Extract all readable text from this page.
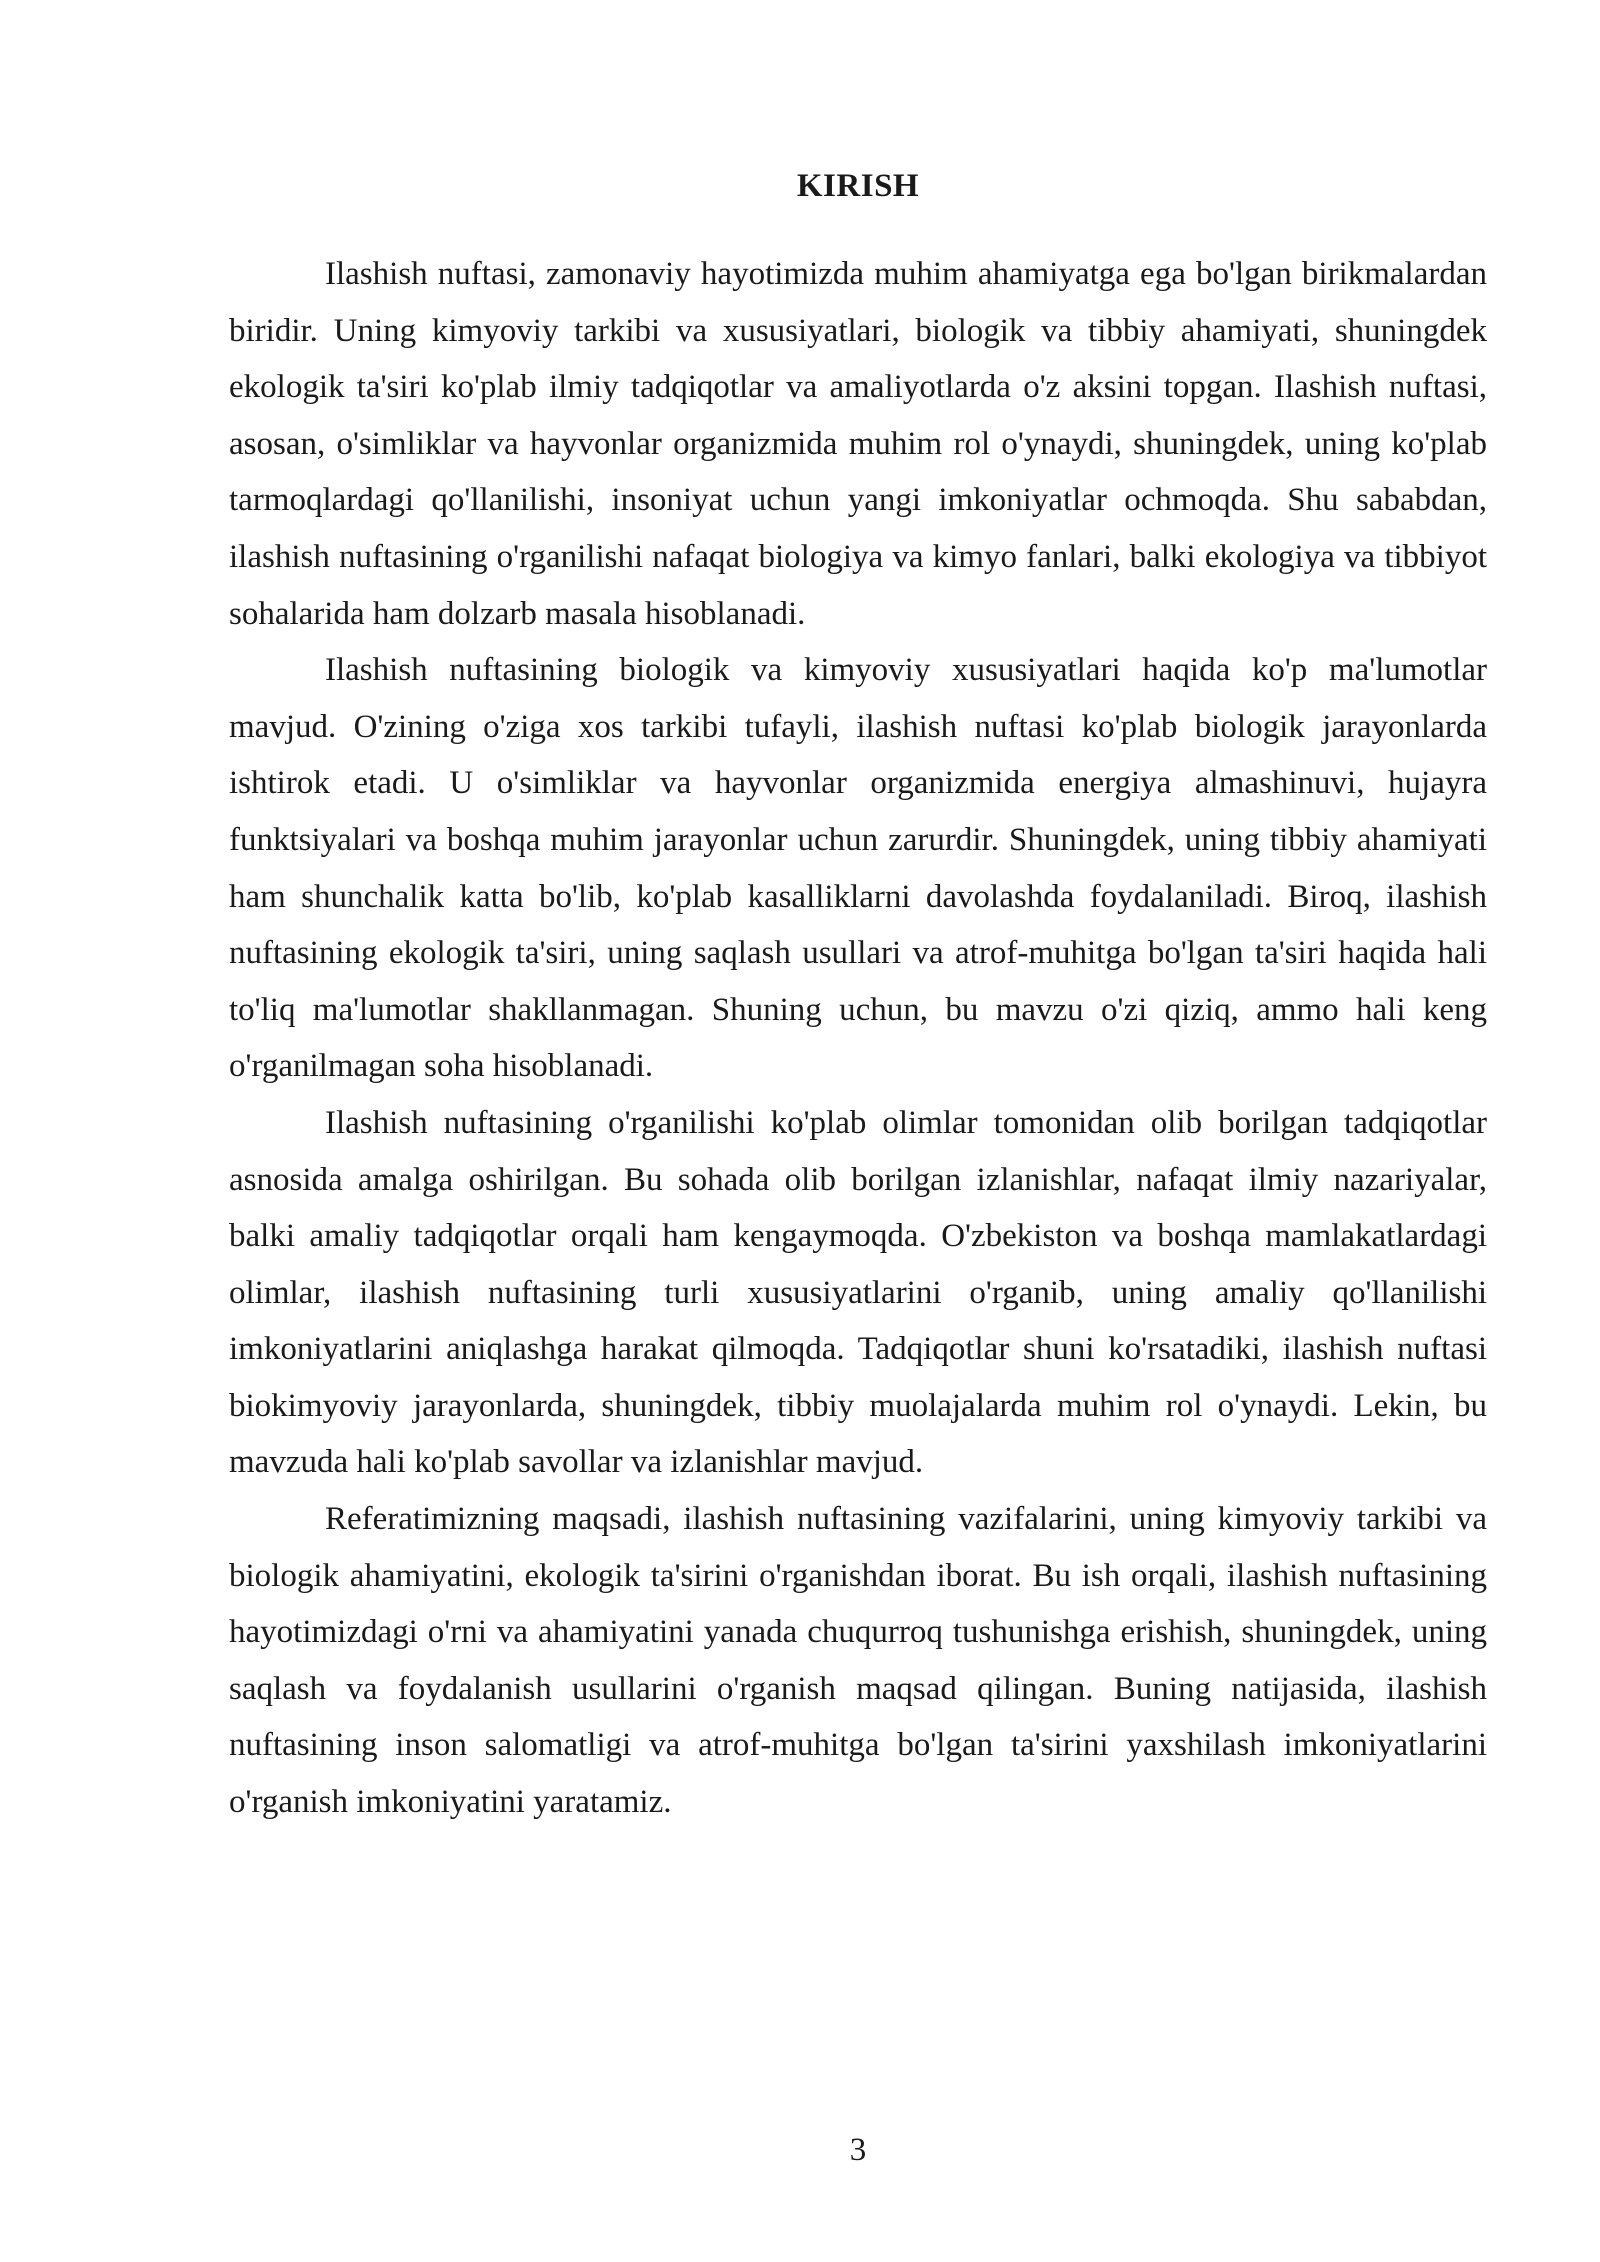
KIRISH

Ilashish nuftasi, zamonaviy hayotimizda muhim ahamiyatga ega bo'lgan birikmalardan biridir. Uning kimyoviy tarkibi va xususiyatlari, biologik va tibbiy ahamiyati, shuningdek ekologik ta'siri ko'plab ilmiy tadqiqotlar va amaliyotlarda o'z aksini topgan. Ilashish nuftasi, asosan, o'simliklar va hayvonlar organizmida muhim rol o'ynaydi, shuningdek, uning ko'plab tarmoqlardagi qo'llanilishi, insoniyat uchun yangi imkoniyatlar ochmoqda. Shu sababdan, ilashish nuftasining o'rganilishi nafaqat biologiya va kimyo fanlari, balki ekologiya va tibbiyot sohalarida ham dolzarb masala hisoblanadi.

Ilashish nuftasining biologik va kimyoviy xususiyatlari haqida ko'p ma'lumotlar mavjud. O'zining o'ziga xos tarkibi tufayli, ilashish nuftasi ko'plab biologik jarayonlarda ishtirok etadi. U o'simliklar va hayvonlar organizmida energiya almashinuvi, hujayra funktsiyalari va boshqa muhim jarayonlar uchun zarurdir. Shuningdek, uning tibbiy ahamiyati ham shunchalik katta bo'lib, ko'plab kasalliklarni davolashda foydalaniladi. Biroq, ilashish nuftasining ekologik ta'siri, uning saqlash usullari va atrof-muhitga bo'lgan ta'siri haqida hali to'liq ma'lumotlar shakllanmagan. Shuning uchun, bu mavzu o'zi qiziq, ammo hali keng o'rganilmagan soha hisoblanadi.

Ilashish nuftasining o'rganilishi ko'plab olimlar tomonidan olib borilgan tadqiqotlar asnosida amalga oshirilgan. Bu sohada olib borilgan izlanishlar, nafaqat ilmiy nazariyalar, balki amaliy tadqiqotlar orqali ham kengaymoqda. O'zbekiston va boshqa mamlakatlardagi olimlar, ilashish nuftasining turli xususiyatlarini o'rganib, uning amaliy qo'llanilishi imkoniyatlarini aniqlashga harakat qilmoqda. Tadqiqotlar shuni ko'rsatadiki, ilashish nuftasi biokimyoviy jarayonlarda, shuningdek, tibbiy muolajalarda muhim rol o'ynaydi. Lekin, bu mavzuda hali ko'plab savollar va izlanishlar mavjud.

Referatimizning maqsadi, ilashish nuftasining vazifalarini, uning kimyoviy tarkibi va biologik ahamiyatini, ekologik ta'sirini o'rganishdan iborat. Bu ish orqali, ilashish nuftasining hayotimizdagi o'rni va ahamiyatini yanada chuqurroq tushunishga erishish, shuningdek, uning saqlash va foydalanish usullarini o'rganish maqsad qilingan. Buning natijasida, ilashish nuftasining inson salomatligi va atrof-muhitga bo'lgan ta'sirini yaxshilash imkoniyatlarini o'rganish imkoniyatini yaratamiz.

3
